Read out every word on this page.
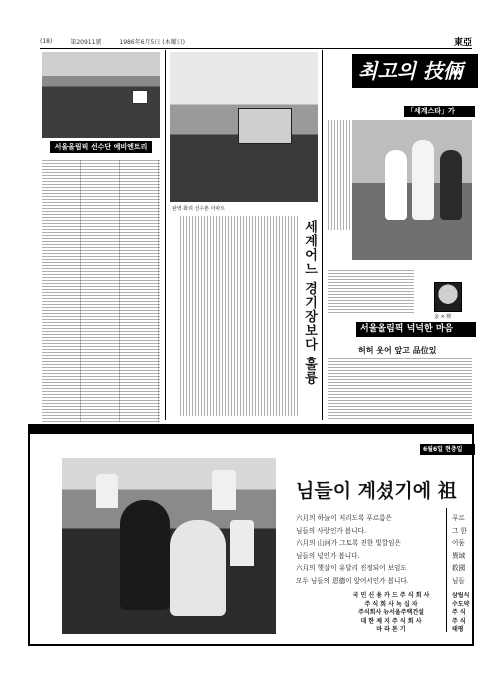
(18)	第20911號	1986年6月5日 (木曜日)	東亞
서울올림픽 선수단 예비엔트리
완벽·화려 선수촌 아파트
세계어느 경기장보다 훌륭
최고의 技倆
「세계스타」가
金 × 熙
서울올림픽 넉넉한 마음
허허 웃어 앞고 品位있
6월6일 현충일
님들이 계셨기에 祖
六月의 하늘이 저리도록 푸르름은
님들의 사랑인가 봅니다.
六月의 山河가 그토록 진한 빛깔임은
님들의 넋인가 봅니다.
六月의 햇살이 유달리 진정되어 보임도
모두 님들의 恩德이 앞어서인가 봅니다.
푸르
그 한
어둠
異域
救國
님들
국 민 신 용 카 드 주 식 회 사
주 식 회 사 녹 십 자
주식회사 뉴서울주택건설
대 한 제 지 주 식 회 사
마 라 톤 기
삼립식
수도약
주 식
주 식
태평
